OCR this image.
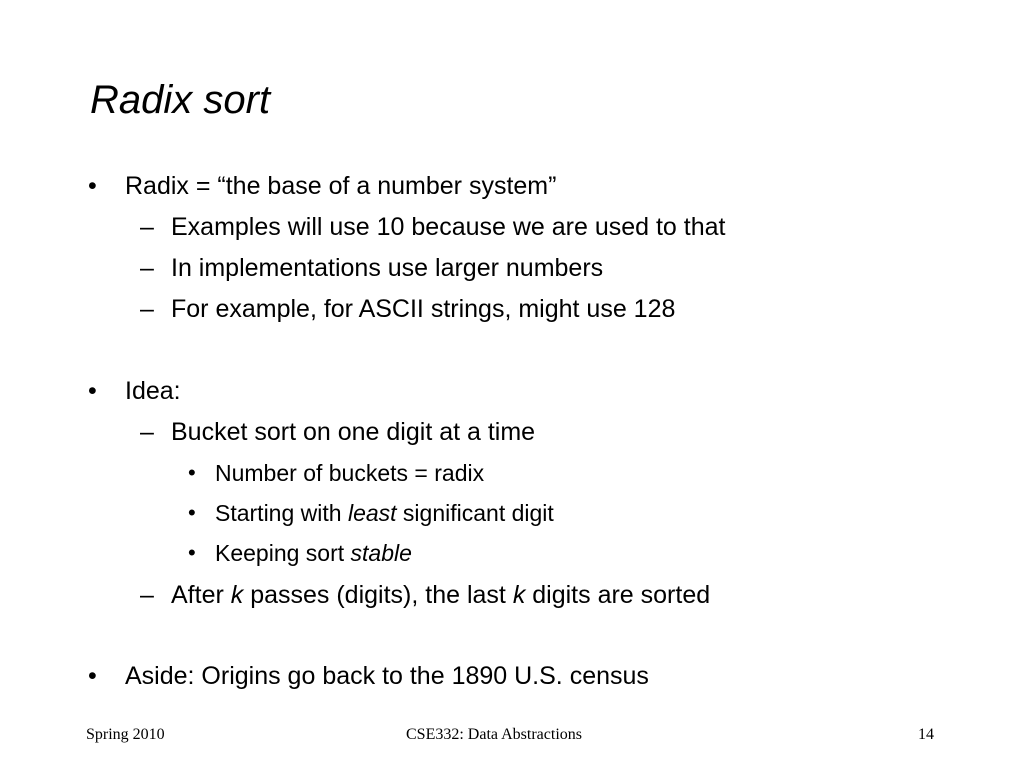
Radix sort
• Radix = “the base of a number system”
– Examples will use 10 because we are used to that
– In implementations use larger numbers
– For example, for ASCII strings, might use 128
• Idea:
– Bucket sort on one digit at a time
• Number of buckets = radix
• Starting with least significant digit
• Keeping sort stable
– After k passes (digits), the last k digits are sorted
• Aside: Origins go back to the 1890 U.S. census
Spring 2010	CSE332: Data Abstractions	14
